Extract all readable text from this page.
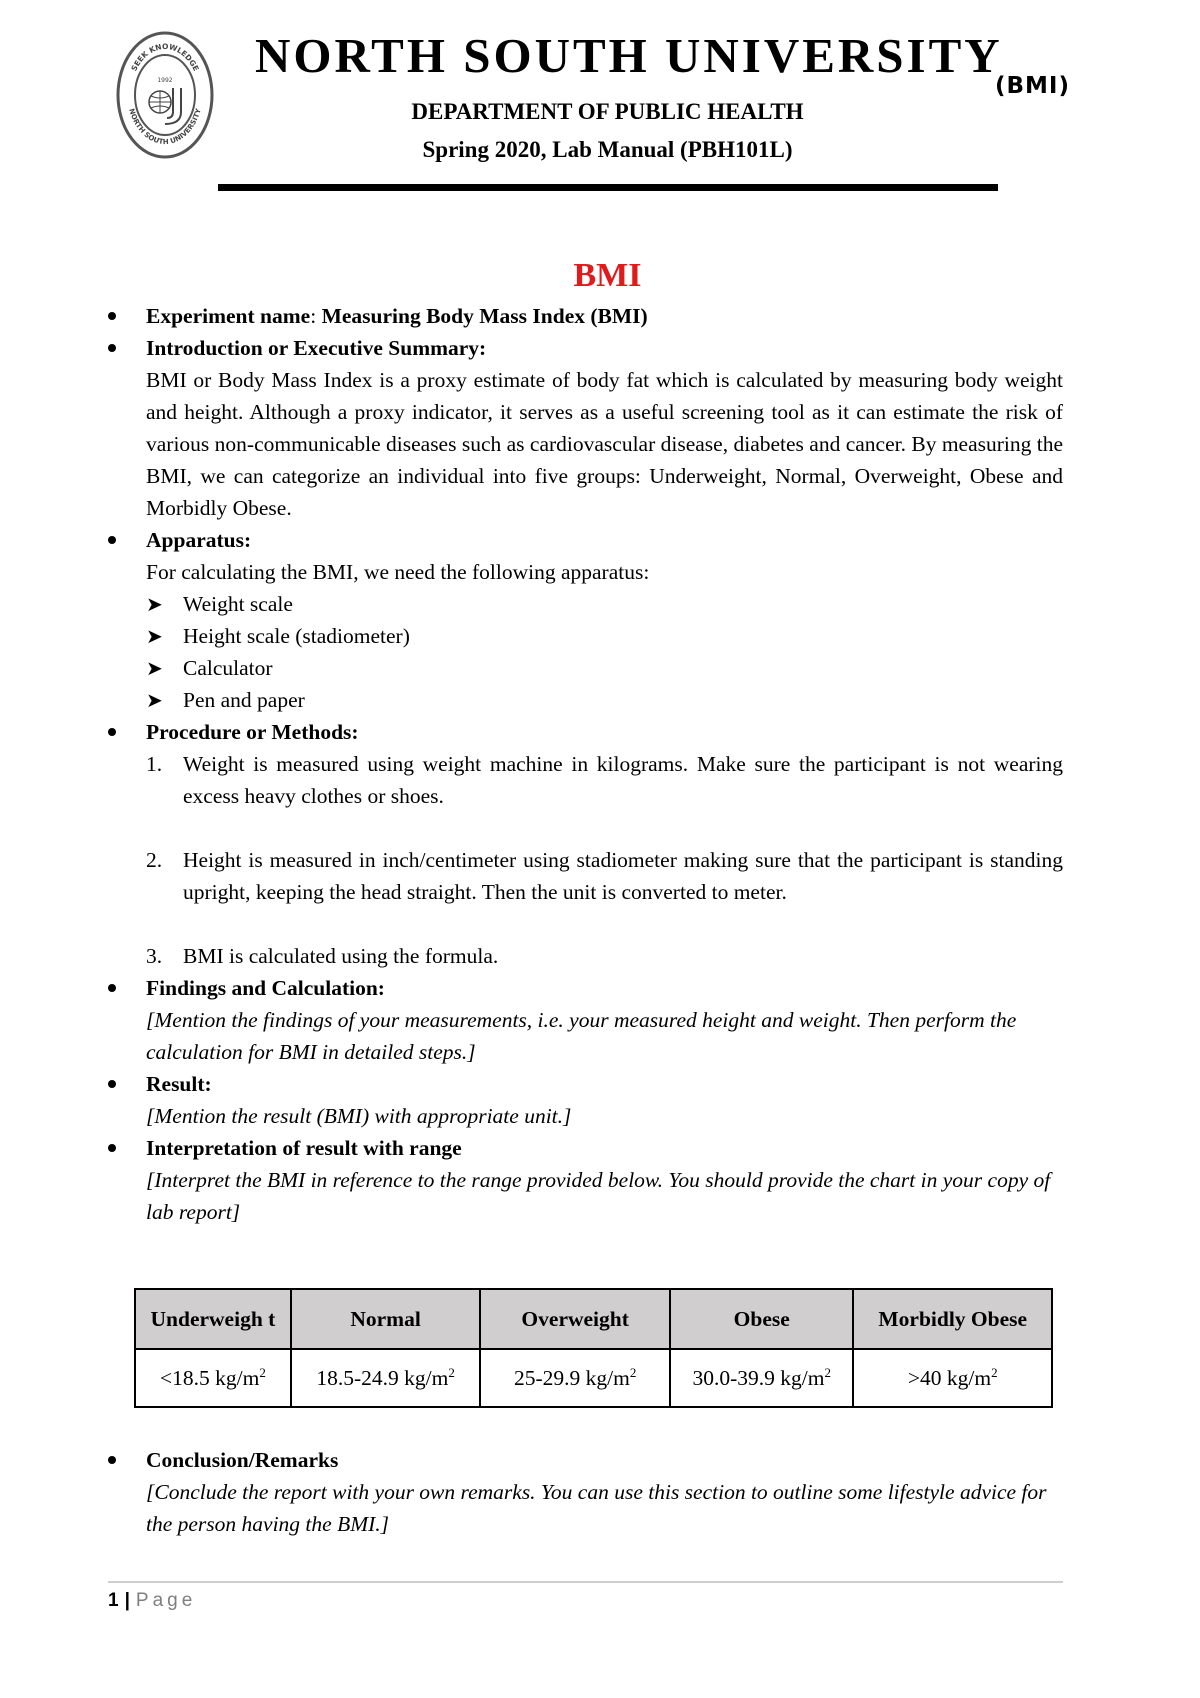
SEEK KNOWLEDGE
NORTH SOUTH UNIVERSITY
1992 NORTH SOUTH UNIVERSITY
(BMI)
DEPARTMENT OF PUBLIC HEALTH
Spring 2020, Lab Manual (PBH101L)
BMI
Experiment name: Measuring Body Mass Index (BMI)
Introduction or Executive Summary:
BMI or Body Mass Index is a proxy estimate of body fat which is calculated by measuring body weight and height. Although a proxy indicator, it serves as a useful screening tool as it can estimate the risk of various non-communicable diseases such as cardiovascular disease, diabetes and cancer. By measuring the BMI, we can categorize an individual into five groups: Underweight, Normal, Overweight, Obese and Morbidly Obese.
Apparatus:
For calculating the BMI, we need the following apparatus:
➤ Weight scale
➤ Height scale (stadiometer)
➤ Calculator
➤ Pen and paper
Procedure or Methods:
1. Weight is measured using weight machine in kilograms. Make sure the participant is not wearing excess heavy clothes or shoes.
2. Height is measured in inch/centimeter using stadiometer making sure that the participant is standing upright, keeping the head straight. Then the unit is converted to meter.
3. BMI is calculated using the formula.
Findings and Calculation:
[Mention the findings of your measurements, i.e. your measured height and weight. Then perform the calculation for BMI in detailed steps.]
Result:
[Mention the result (BMI) with appropriate unit.]
Interpretation of result with range
[Interpret the BMI in reference to the range provided below. You should provide the chart in your copy of lab report]
Underweigh t	Normal	Overweight	Obese	Morbidly Obese
<18.5 $kg/m^2$	18.5-24.9 $kg/m^2$	25-29.9 $kg/m^2$	30.0-39.9 $kg/m^2$	>40 $kg/m^2$
Conclusion/Remarks
[Conclude the report with your own remarks. You can use this section to outline some lifestyle advice for the person having the BMI.]
1 | Page
